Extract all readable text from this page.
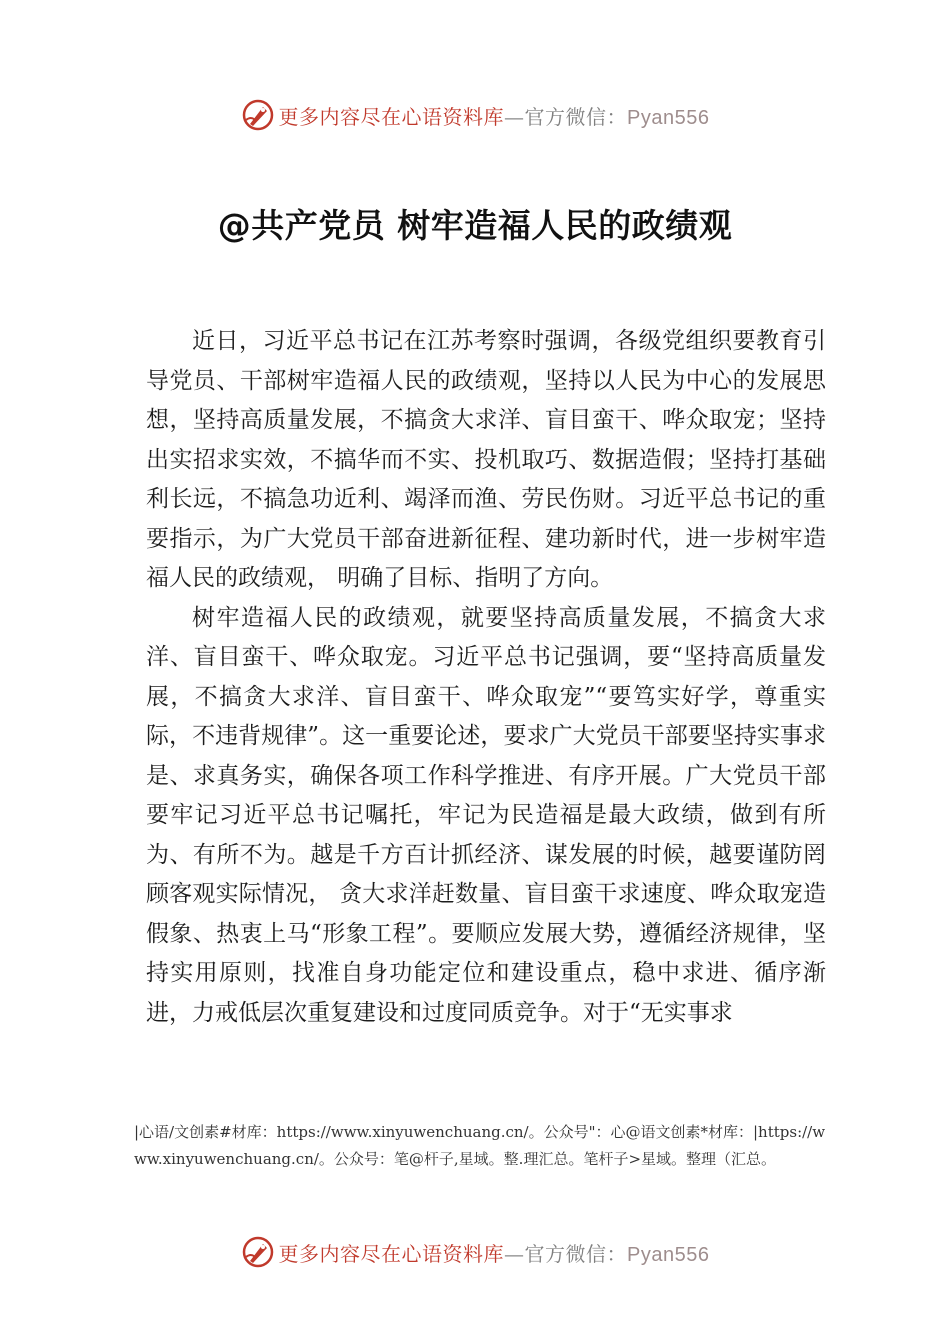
更多内容尽在心语资料库—官方微信：Pyan556
@共产党员 树牢造福人民的政绩观

近日，习近平总书记在江苏考察时强调，各级党组织要教育引导党员、干部树牢造福人民的政绩观，坚持以人民为中心的发展思想，坚持高质量发展，不搞贪大求洋、盲目蛮干、哗众取宠；坚持出实招求实效，不搞华而不实、投机取巧、数据造假；坚持打基础利长远，不搞急功近利、竭泽而渔、劳民伤财。习近平总书记的重要指示，为广大党员干部奋进新征程、建功新时代，进一步树牢造福人民的政绩观， 明确了目标、指明了方向。

树牢造福人民的政绩观，就要坚持高质量发展，不搞贪大求洋、盲目蛮干、哗众取宠。习近平总书记强调，要“坚持高质量发展，不搞贪大求洋、盲目蛮干、哗众取宠”“要笃实好学，尊重实际，不违背规律”。这一重要论述，要求广大党员干部要坚持实事求是、求真务实，确保各项工作科学推进、有序开展。广大党员干部要牢记习近平总书记嘱托，牢记为民造福是最大政绩，做到有所为、有所不为。越是千方百计抓经济、谋发展的时候，越要谨防罔顾客观实际情况， 贪大求洋赶数量、盲目蛮干求速度、哗众取宠造假象、热衷上马“形象工程”。要顺应发展大势，遵循经济规律，坚持实用原则，找准自身功能定位和建设重点，稳中求进、循序渐进，力戒低层次重复建设和过度同质竞争。对于“无实事求

|心语/文创素#材库：https://www.xinyuwenchuang.cn/。公众号"：心@语文创素*材库：|https://www.xinyuwenchuang.cn/。公众号：笔@杆子,星域。整.理汇总。笔杆子>星域。整理（汇总。
更多内容尽在心语资料库—官方微信：Pyan556
